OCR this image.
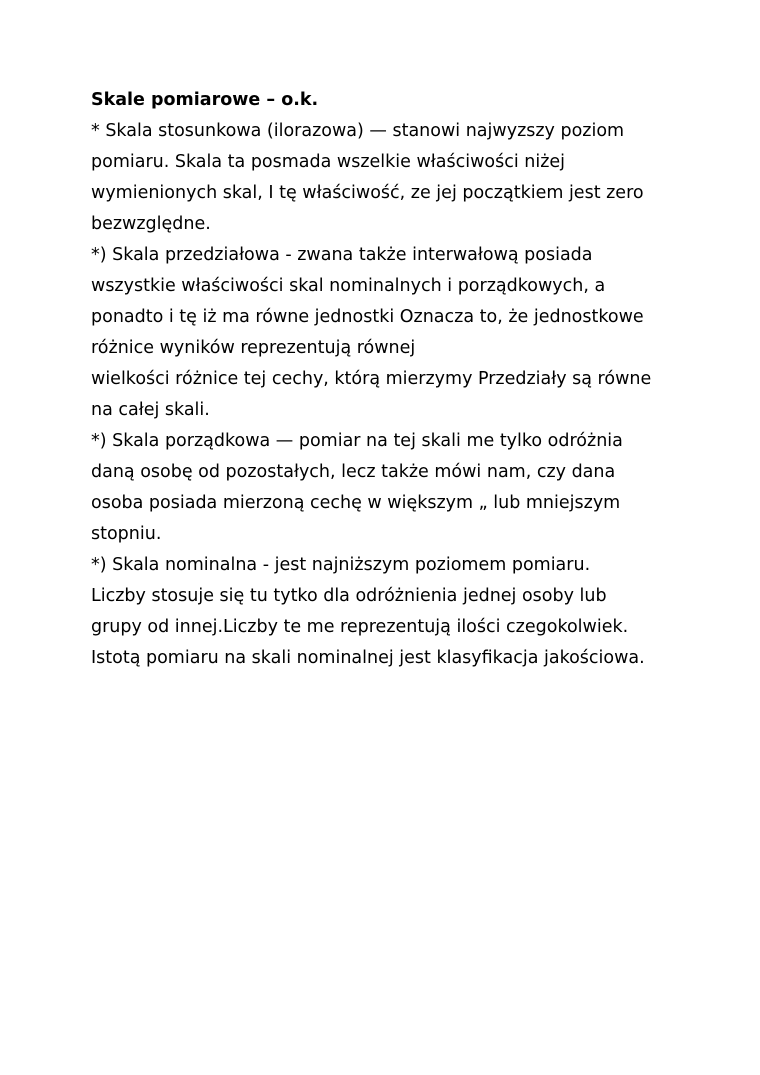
Skale pomiarowe – o.k.

* Skala stosunkowa (ilorazowa) — stanowi najwyzszy poziom

pomiaru. Skala ta posmada wszelkie właściwości niżej

wymienionych skal, I tę właściwość, ze jej początkiem jest zero

bezwzględne.

*) Skala przedziałowa - zwana także interwałową posiada

wszystkie właściwości skal nominalnych i porządkowych, a

ponadto i tę iż ma równe jednostki Oznacza to, że jednostkowe

różnice wyników reprezentują równej

wielkości różnice tej cechy, którą mierzymy Przedziały są równe

na całej skali.

*) Skala porządkowa — pomiar na tej skali me tylko odróżnia

daną osobę od pozostałych, lecz także mówi nam, czy dana

osoba posiada mierzoną cechę w większym „ lub mniejszym

stopniu.

*) Skala nominalna - jest najniższym poziomem pomiaru.

Liczby stosuje się tu tytko dla odróżnienia jednej osoby lub

grupy od innej.Liczby te me reprezentują ilości czegokolwiek.

Istotą pomiaru na skali nominalnej jest klasyfikacja jakościowa.
